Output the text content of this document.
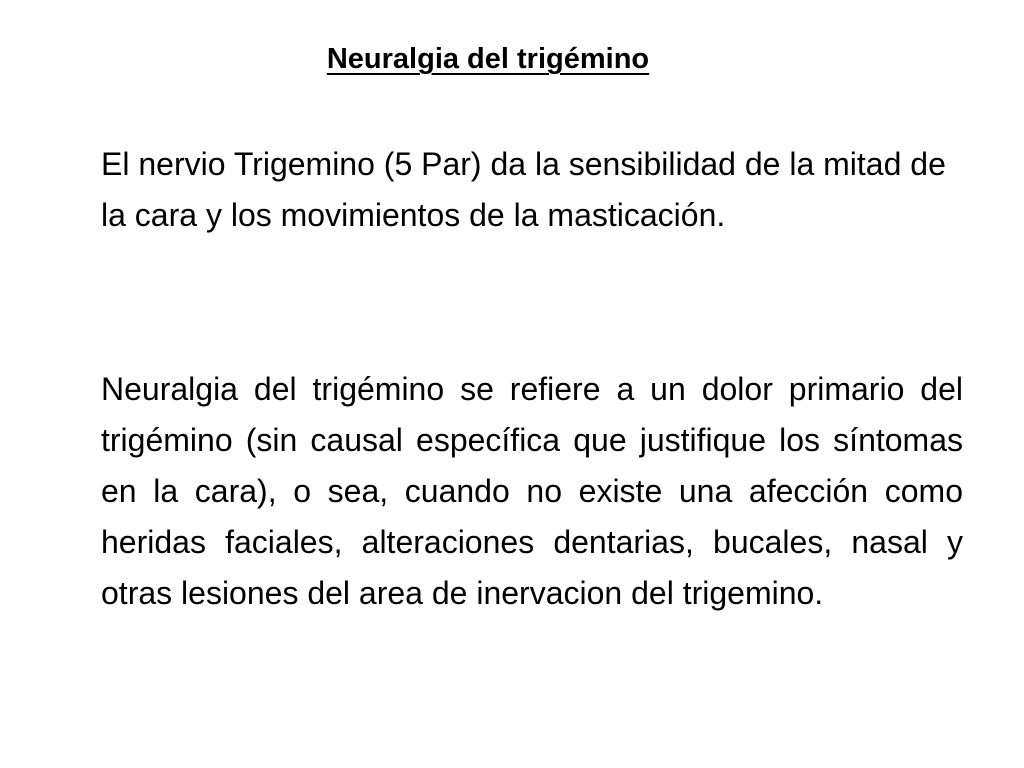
Neuralgia del trigémino

El nervio Trigemino (5 Par) da la sensibilidad de la mitad de la cara y los movimientos de la masticación.

Neuralgia del trigémino se refiere a un dolor primario del trigémino (sin causal específica que justifique los síntomas en la cara), o sea, cuando no existe una afección como heridas faciales, alteraciones dentarias, bucales, nasal y otras lesiones del area de inervacion del trigemino.
